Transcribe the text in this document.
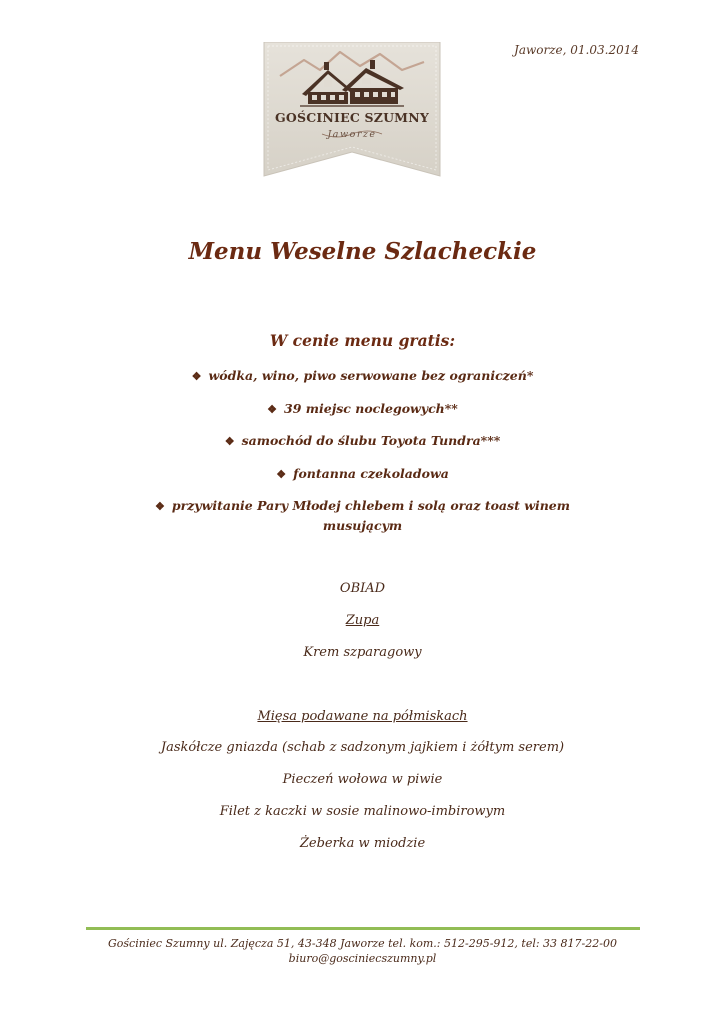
Jaworze, 01.03.2014
GOŚCINIEC SZUMNY
Jaworze
Menu Weselne Szlacheckie
W cenie menu gratis:
❖ wódka, wino, piwo serwowane bez ograniczeń*
❖ 39 miejsc noclegowych**
❖ samochód do ślubu Toyota Tundra***
❖ fontanna czekoladowa
❖ przywitanie Pary Młodej chlebem i solą oraz toast winem musującym
OBIAD
Zupa
Krem szparagowy
Mięsa podawane na półmiskach
Jaskółcze gniazda (schab z sadzonym jajkiem i żółtym serem)
Pieczeń wołowa w piwie
Filet z kaczki w sosie malinowo-imbirowym
Żeberka w miodzie
Gościniec Szumny ul. Zajęcza 51, 43-348 Jaworze tel. kom.: 512-295-912, tel: 33 817-22-00
biuro@gosciniecszumny.pl
